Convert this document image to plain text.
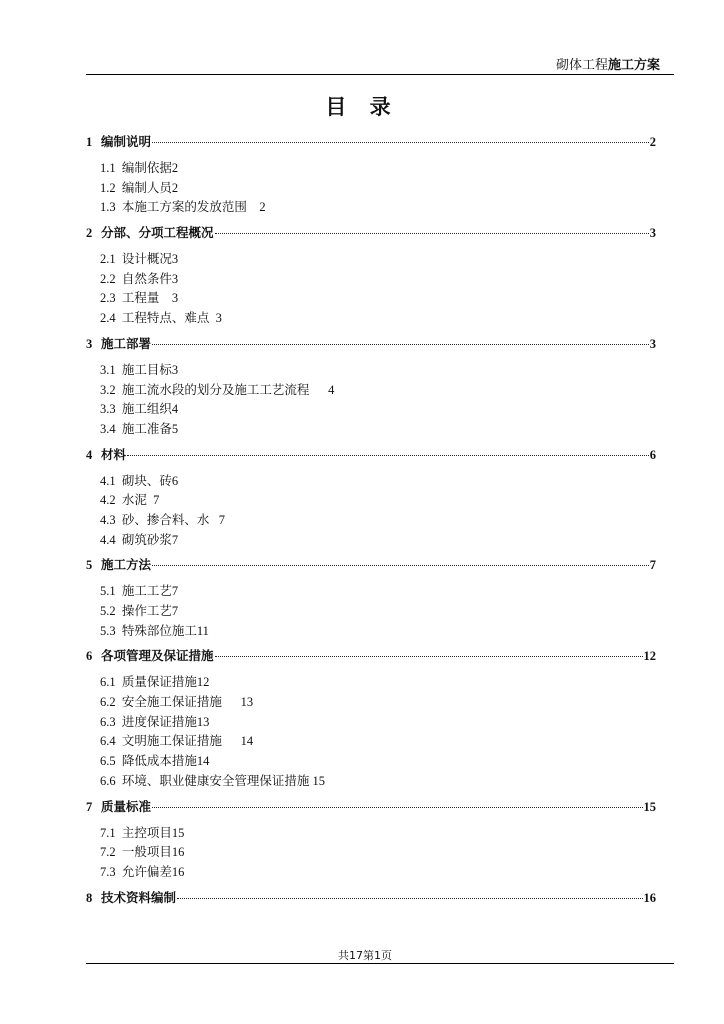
砌体工程施工方案
目 录
1 编制说明	2
1.1 编制依据2
1.2 编制人员2
1.3 本施工方案的发放范围 2
2 分部、分项工程概况	3
2.1 设计概况3
2.2 自然条件3
2.3 工程量 3
2.4 工程特点、难点 3
3 施工部署	3
3.1 施工目标3
3.2 施工流水段的划分及施工工艺流程 4
3.3 施工组织4
3.4 施工准备5
4 材料	6
4.1 砌块、砖6
4.2 水泥 7
4.3 砂、掺合料、水 7
4.4 砌筑砂浆7
5 施工方法	7
5.1 施工工艺7
5.2 操作工艺7
5.3 特殊部位施工11
6 各项管理及保证措施	12
6.1 质量保证措施12
6.2 安全施工保证措施 13
6.3 进度保证措施13
6.4 文明施工保证措施 14
6.5 降低成本措施14
6.6 环境、职业健康安全管理保证措施 15
7 质量标准	15
7.1 主控项目15
7.2 一般项目16
7.3 允许偏差16
8 技术资料编制	16
共17第1页
